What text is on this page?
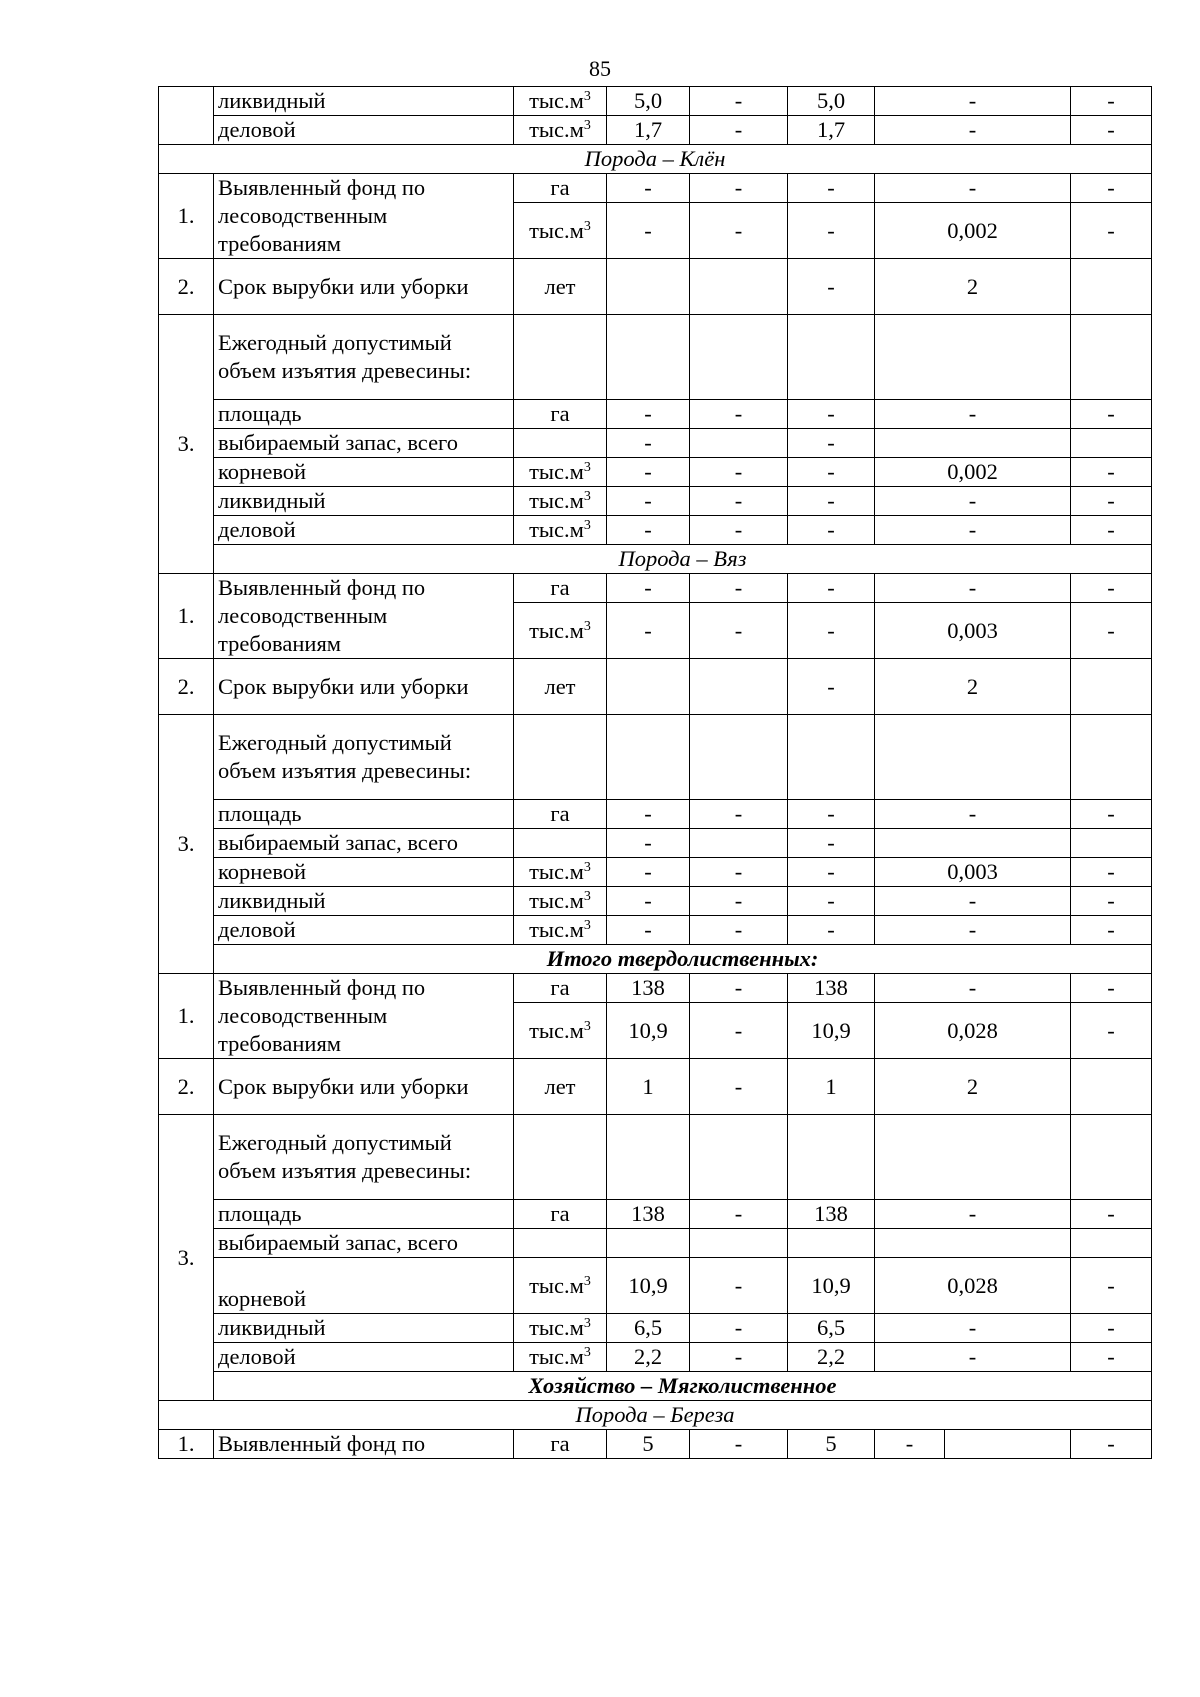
85
	ликвидный	$тыс.м^3$	5,0	-	5,0	-		-	
	деловой	$тыс.м^3$	1,7	-	1,7	-		-	
Порода – Клён									
1.	Выявленный фонд по лесоводственным требованиям	га	-	-	-	-		-	
		$тыс.м^3$	-	-	-	0,002		-	
2.	Срок вырубки или уборки	лет			-	2		
3.	Ежегодный допустимый объем изъятия древесины:								
	площадь	га	-	-	-	-		-	
	выбираемый запас, всего		-		-			
	корневой	$тыс.м^3$	-	-	-	0,002		-	
	ликвидный	$тыс.м^3$	-	-	-	-		-	
	деловой	$тыс.м^3$	-	-	-	-		-	
	Порода – Вяз								
1.	Выявленный фонд по лесоводственным требованиям	га	-	-	-	-		-	
		$тыс.м^3$	-	-	-	0,003		-	
2.	Срок вырубки или уборки	лет			-	2		
3.	Ежегодный допустимый объем изъятия древесины:								
	площадь	га	-	-	-	-		-	
	выбираемый запас, всего		-		-			
	корневой	$тыс.м^3$	-	-	-	0,003		-	
	ликвидный	$тыс.м^3$	-	-	-	-		-	
	деловой	$тыс.м^3$	-	-	-	-		-	
	Итого твердолиственных:								
1.	Выявленный фонд по лесоводственным требованиям	га	138	-	138	-		-	
		$тыс.м^3$	10,9	-	10,9	0,028		-	

2.	Срок вырубки или уборки	лет	1	-	1	2		
3.	Ежегодный допустимый объем изъятия древесины:								
	площадь	га	138	-	138	-		-	
	выбираемый запас, всего								
	корневой	$тыс.м^3$	10,9	-	10,9	0,028		-	

	ликвидный	$тыс.м^3$	6,5	-	6,5	-		-	
	деловой	$тыс.м^3$	2,2	-	2,2	-		-	
	Хозяйство – Мягколиственное								
Порода – Береза									
1.	Выявленный фонд по	га	5	-	5	-		-	
